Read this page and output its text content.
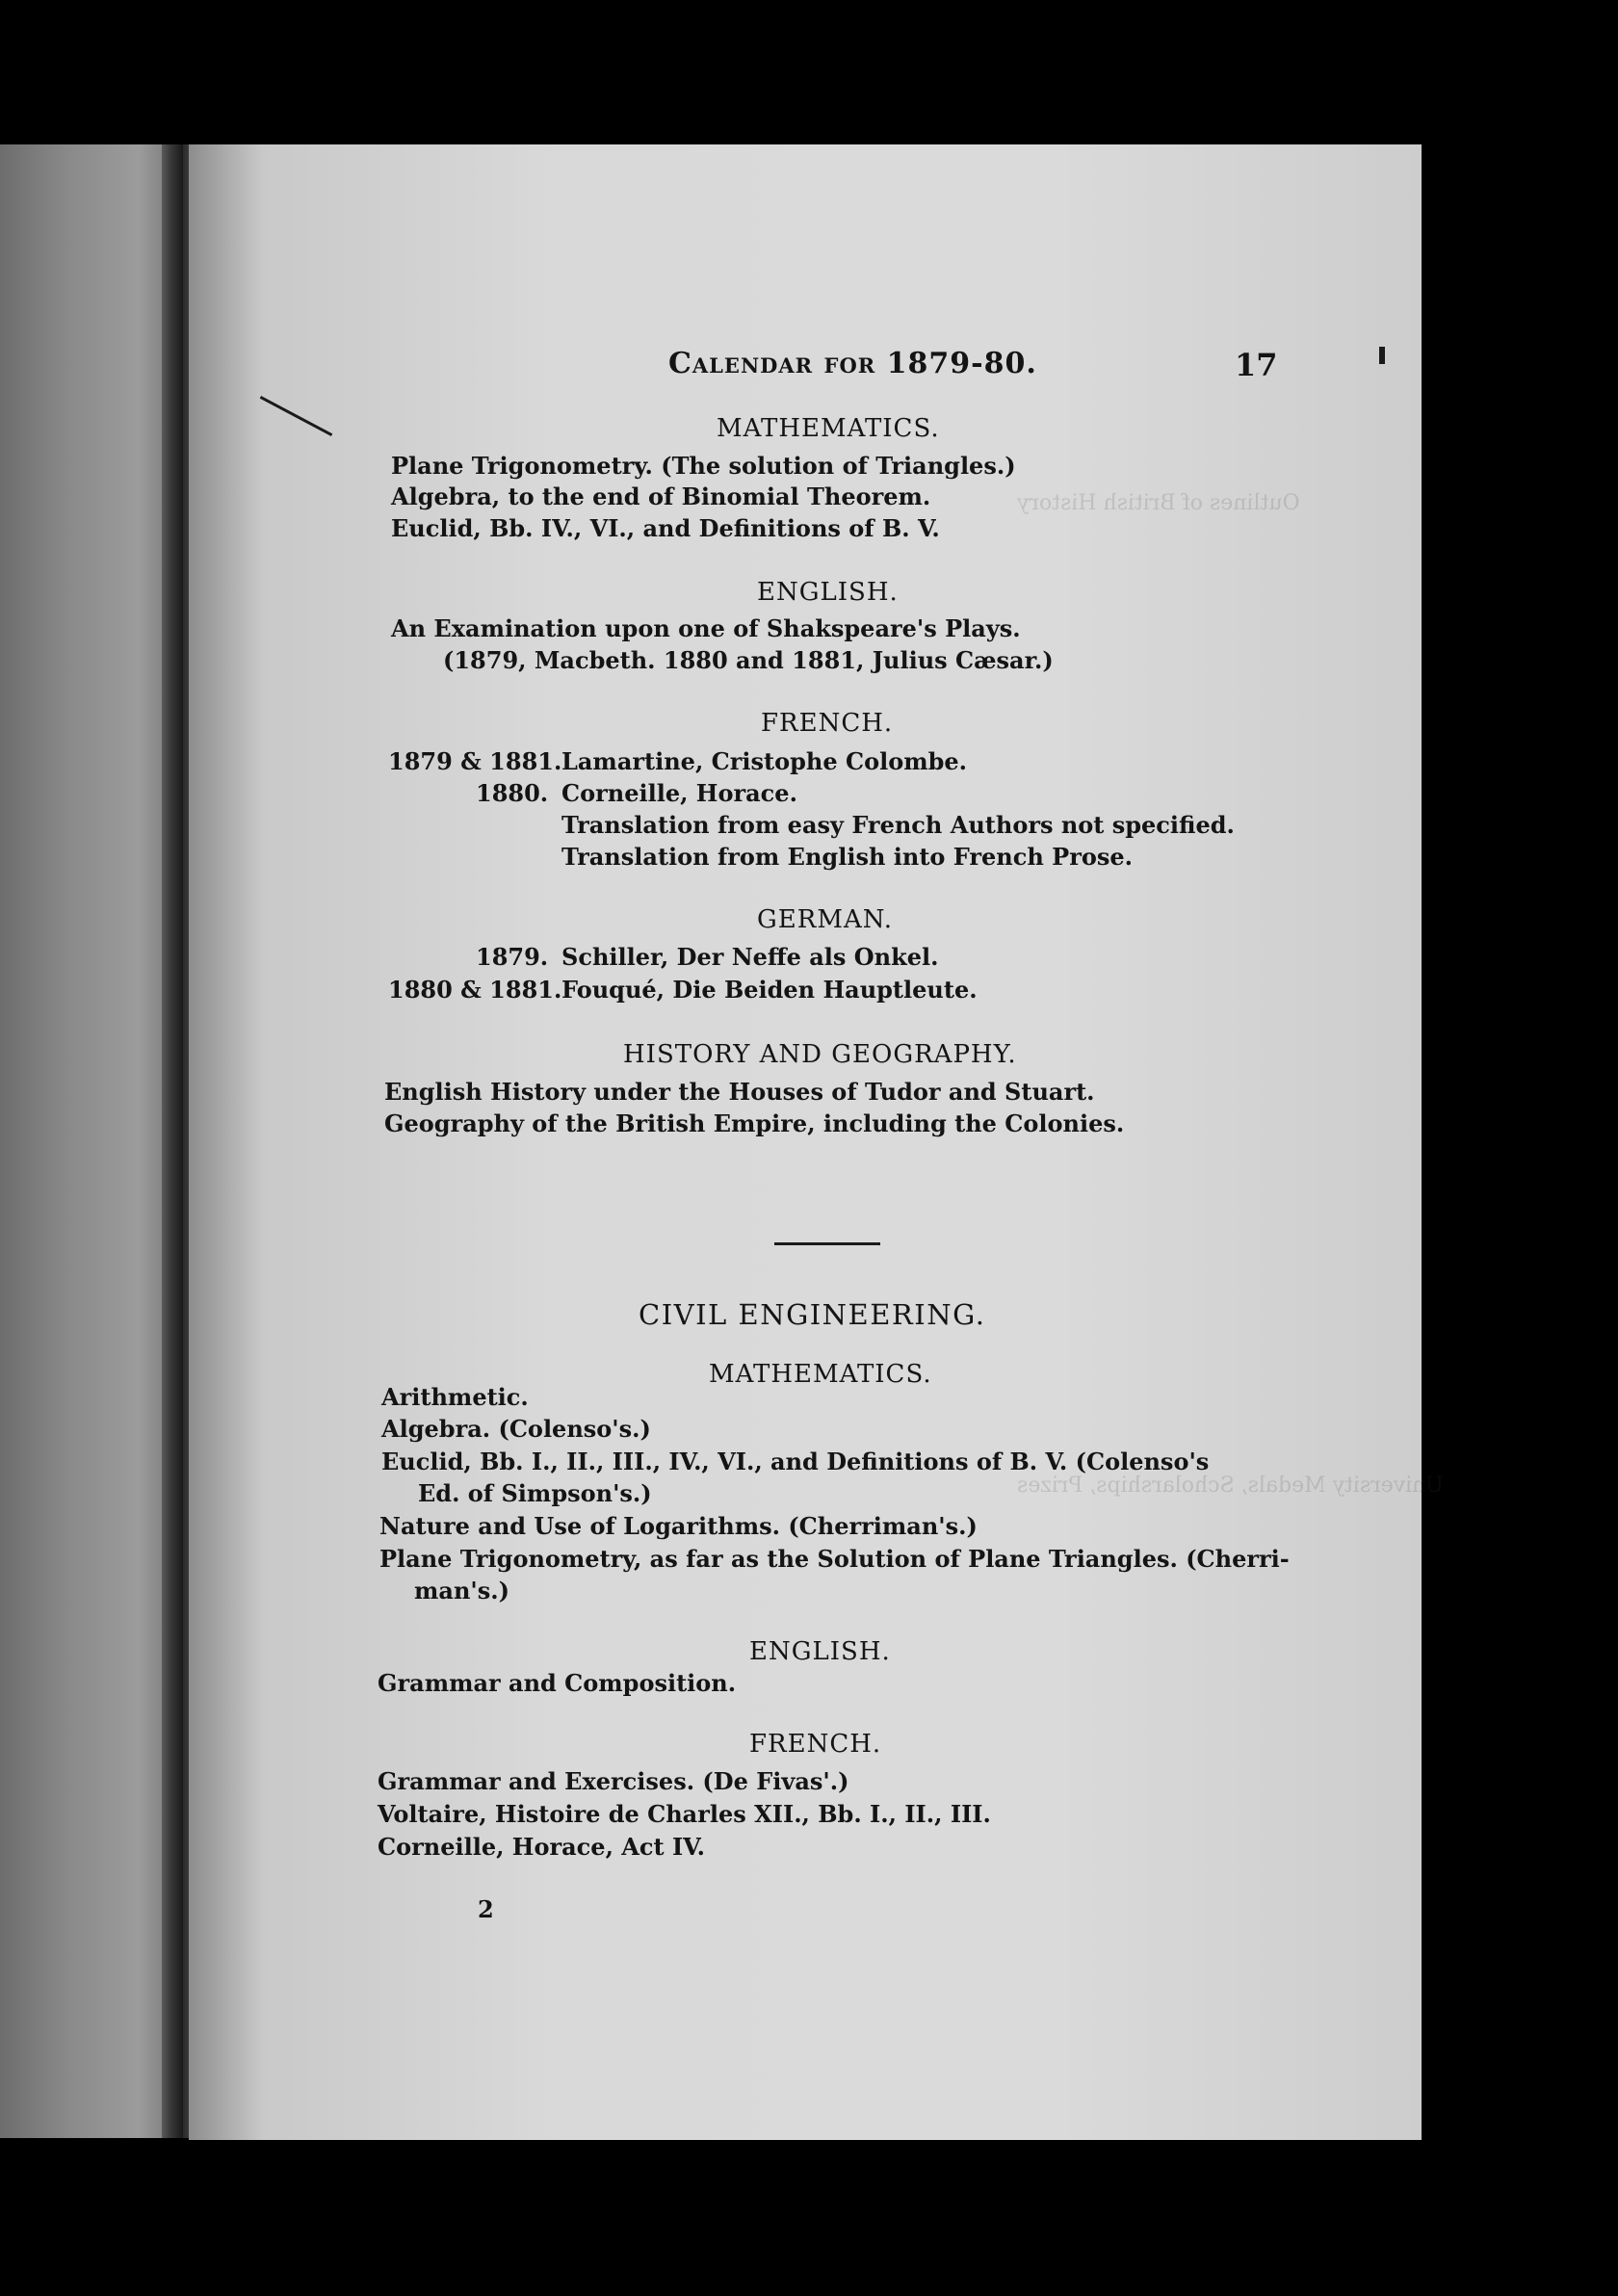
Outlines of British History
University Medals, Scholarships, Prizes
Calendar for 1879-80.	17
MATHEMATICS.
Plane Trigonometry. (The solution of Triangles.)
Algebra, to the end of Binomial Theorem.
Euclid, Bb. IV., VI., and Definitions of B. V.
ENGLISH.
An Examination upon one of Shakspeare's Plays.
(1879, Macbeth. 1880 and 1881, Julius Cæsar.)
FRENCH.
1879 & 1881. Lamartine, Cristophe Colombe.
1880. Corneille, Horace.
Translation from easy French Authors not specified.
Translation from English into French Prose.
GERMAN.
1879. Schiller, Der Neffe als Onkel.
1880 & 1881. Fouqué, Die Beiden Hauptleute.
HISTORY AND GEOGRAPHY.
English History under the Houses of Tudor and Stuart.
Geography of the British Empire, including the Colonies.
CIVIL ENGINEERING.
MATHEMATICS.
Arithmetic.
Algebra. (Colenso's.)
Euclid, Bb. I., II., III., IV., VI., and Definitions of B. V. (Colenso's
Ed. of Simpson's.)
Nature and Use of Logarithms. (Cherriman's.)
Plane Trigonometry, as far as the Solution of Plane Triangles. (Cherri-
man's.)
ENGLISH.
Grammar and Composition.
FRENCH.
Grammar and Exercises. (De Fivas'.)
Voltaire, Histoire de Charles XII., Bb. I., II., III.
Corneille, Horace, Act IV.
2
